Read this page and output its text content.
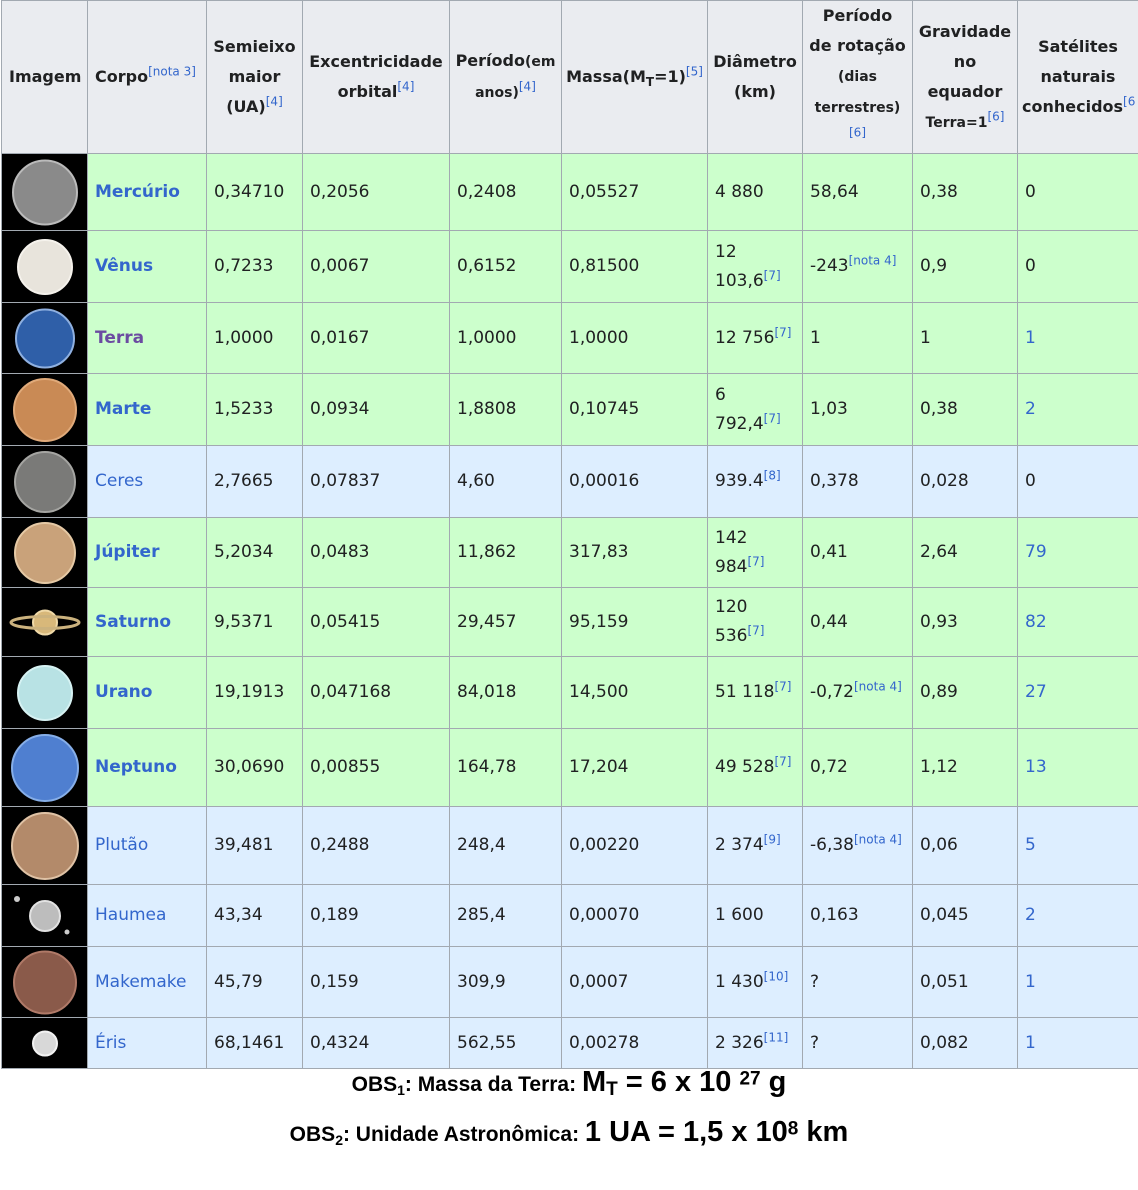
Imagem	Corpo[nota 3]	Semieixo
maior
(UA)[4]	Excentricidade
orbital[4]	Período(em
anos)[4]	$Massa(M_T=1)[5]$	Diâmetro
(km)	Período
de rotação
(dias
terrestres)[6]	Gravidade
no
equador
Terra=1[6]	Satélites
naturais
conhecidos$^{[6}$

	Mercúrio	0,34710	0,2056	0,2408	0,05527	4 880	58,64	0,38	0

	Vênus	0,7233	0,0067	0,6152	0,81500	12
103,6[7]	-243[nota 4]	0,9	0

	Terra	1,0000	0,0167	1,0000	1,0000	12 756[7]	1	1	1

	Marte	1,5233	0,0934	1,8808	0,10745	6 792,4[7]	1,03	0,38	2

	Ceres	2,7665	0,07837	4,60	0,00016	939.4[8]	0,378	0,028	0

	Júpiter	5,2034	0,0483	11,862	317,83	142
984[7]	0,41	2,64	79

	Saturno	9,5371	0,05415	29,457	95,159	120
536[7]	0,44	0,93	82

	Urano	19,1913	0,047168	84,018	14,500	51 118[7]	-0,72[nota 4]	0,89	27

	Neptuno	30,0690	0,00855	164,78	17,204	49 528[7]	0,72	1,12	13

	Plutão	39,481	0,2488	248,4	0,00220	2 374[9]	-6,38[nota 4]	0,06	5

	Haumea	43,34	0,189	285,4	0,00070	1 600	0,163	0,045	2

	Makemake	45,79	0,159	309,9	0,0007	1 430[10]	?	0,051	1

	Éris	68,1461	0,4324	562,55	0,00278	2 326[11]	?	0,082	1
$OBS_1$: Massa da Terra: $M_T = 6$ x 10 $^{27}$ g
$OBS_2$: Unidade Astronômica: 1 UA = 1,5 x $10^8$ km
